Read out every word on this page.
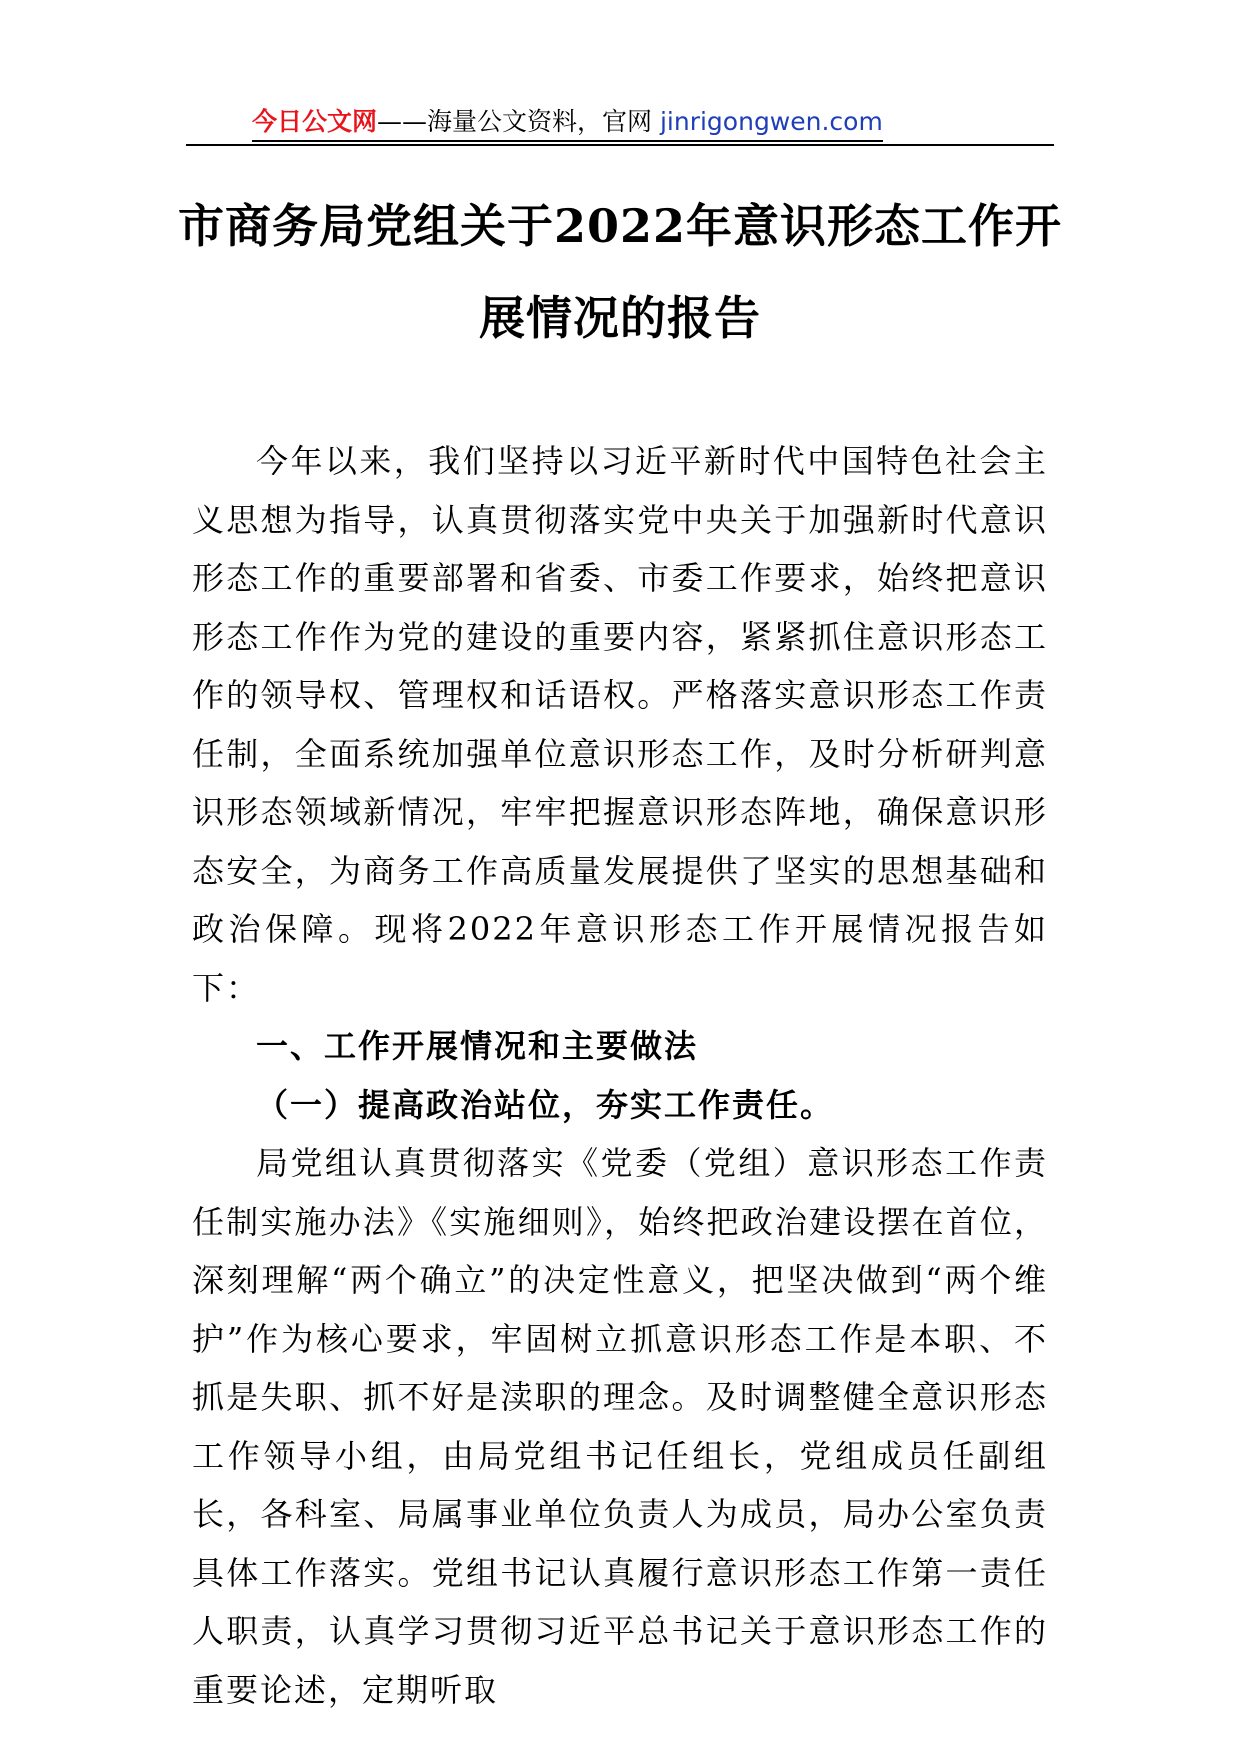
今日公文网——海量公文资料，官网 jinrigongwen.com
市商务局党组关于2022年意识形态工作开展情况的报告

今年以来，我们坚持以习近平新时代中国特色社会主义思想为指导，认真贯彻落实党中央关于加强新时代意识形态工作的重要部署和省委、市委工作要求，始终把意识形态工作作为党的建设的重要内容，紧紧抓住意识形态工作的领导权、管理权和话语权。严格落实意识形态工作责任制，全面系统加强单位意识形态工作，及时分析研判意识形态领域新情况，牢牢把握意识形态阵地，确保意识形态安全，为商务工作高质量发展提供了坚实的思想基础和政治保障。现将2022年意识形态工作开展情况报告如下：

一、工作开展情况和主要做法

（一）提高政治站位，夯实工作责任。

局党组认真贯彻落实《党委（党组）意识形态工作责任制实施办法》《实施细则》，始终把政治建设摆在首位，深刻理解“两个确立”的决定性意义，把坚决做到“两个维护”作为核心要求，牢固树立抓意识形态工作是本职、不抓是失职、抓不好是渎职的理念。及时调整健全意识形态工作领导小组，由局党组书记任组长，党组成员任副组长，各科室、局属事业单位负责人为成员，局办公室负责具体工作落实。党组书记认真履行意识形态工作第一责任人职责，认真学习贯彻习近平总书记关于意识形态工作的重要论述，定期听取
